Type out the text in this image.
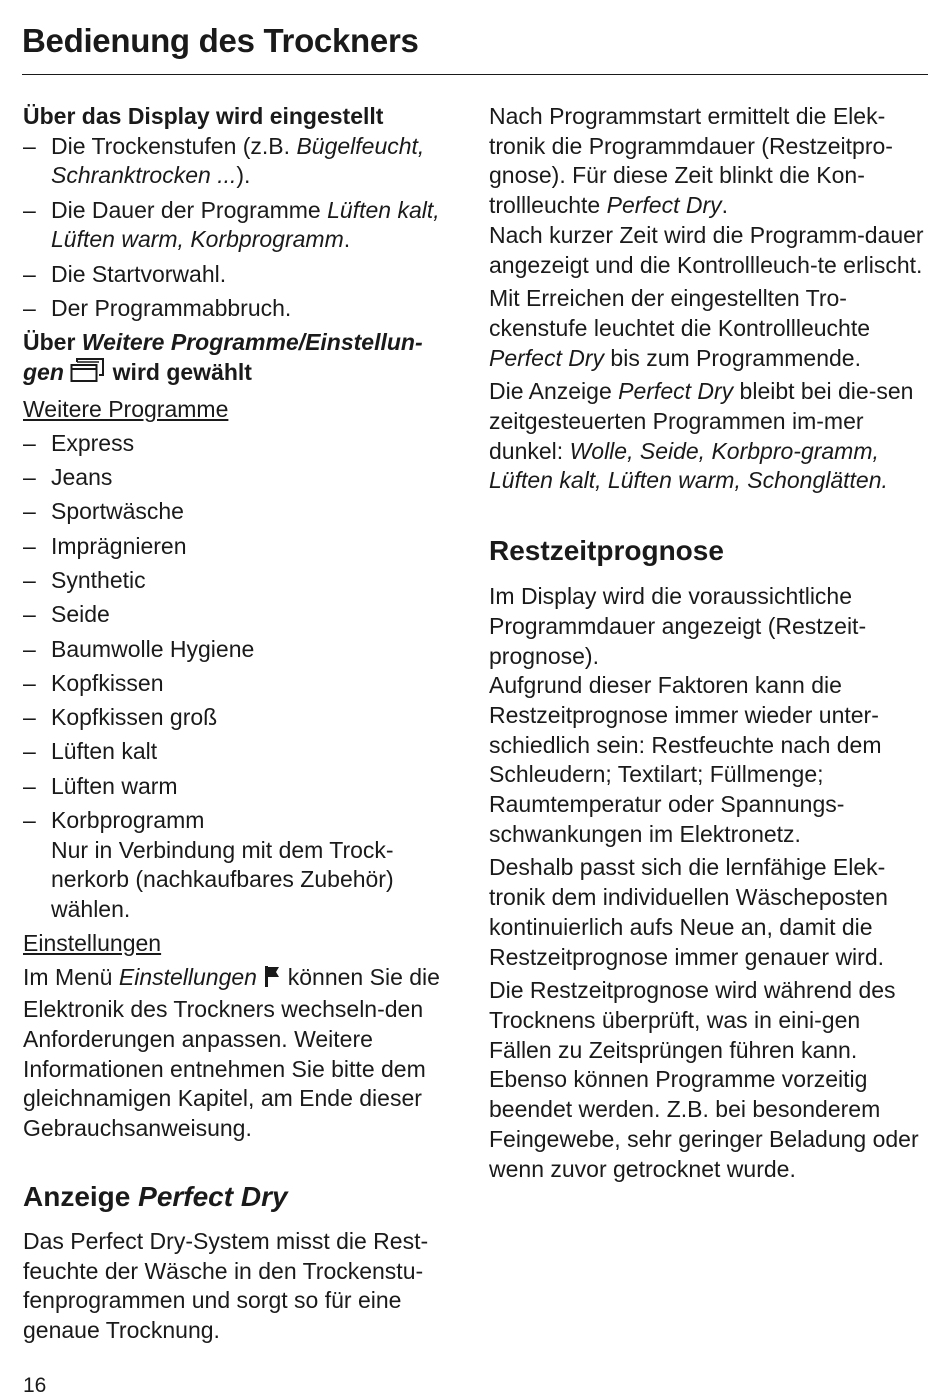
Bedienung des Trockners

Über das Display wird eingestellt

– Die Trockenstufen (z.B. Bügelfeucht, Schranktrocken ...).
– Die Dauer der Programme Lüften kalt, Lüften warm, Korbprogramm.
– Die Startvorwahl.
– Der Programmabbruch.

Über Weitere Programme/Einstellun-gen  wird gewählt

Weitere Programme

– Express
– Jeans
– Sportwäsche
– Imprägnieren
– Synthetic
– Seide
– Baumwolle Hygiene
– Kopfkissen
– Kopfkissen groß
– Lüften kalt
– Lüften warm
– Korbprogramm
Nur in Verbindung mit dem Trock-nerkorb (nachkaufbares Zubehör) wählen.

Einstellungen

Im Menü Einstellungen  können Sie die Elektronik des Trockners wechseln-den Anforderungen anpassen. Weitere Informationen entnehmen Sie bitte dem gleichnamigen Kapitel, am Ende dieser Gebrauchsanweisung.

Anzeige Perfect Dry

Das Perfect Dry-System misst die Rest-feuchte der Wäsche in den Trockenstu-fenprogrammen und sorgt so für eine genaue Trocknung.

Nach Programmstart ermittelt die Elek-tronik die Programmdauer (Restzeitpro-gnose). Für diese Zeit blinkt die Kon-trollleuchte Perfect Dry.
Nach kurzer Zeit wird die Programm-dauer angezeigt und die Kontrollleuch-te erlischt.

Mit Erreichen der eingestellten Tro-ckenstufe leuchtet die Kontrollleuchte Perfect Dry bis zum Programmende.

Die Anzeige Perfect Dry bleibt bei die-sen zeitgesteuerten Programmen im-mer dunkel: Wolle, Seide, Korbpro-gramm, Lüften kalt, Lüften warm, Schonglätten.

Restzeitprognose

Im Display wird die voraussichtliche Programmdauer angezeigt (Restzeit-prognose).
Aufgrund dieser Faktoren kann die Restzeitprognose immer wieder unter-schiedlich sein: Restfeuchte nach dem Schleudern; Textilart; Füllmenge; Raumtemperatur oder Spannungs-schwankungen im Elektronetz.

Deshalb passt sich die lernfähige Elek-tronik dem individuellen Wäscheposten kontinuierlich aufs Neue an, damit die Restzeitprognose immer genauer wird.

Die Restzeitprognose wird während des Trocknens überprüft, was in eini-gen Fällen zu Zeitsprüngen führen kann.
Ebenso können Programme vorzeitig beendet werden. Z.B. bei besonderem Feingewebe, sehr geringer Beladung oder wenn zuvor getrocknet wurde.

16
